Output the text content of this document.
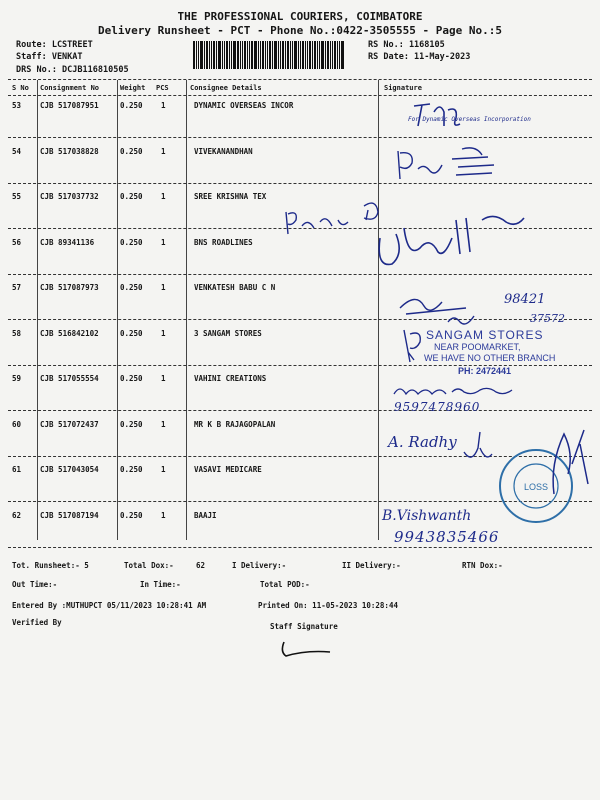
THE PROFESSIONAL COURIERS, COIMBATORE
Delivery Runsheet - PCT - Phone No.:0422-3505555 - Page No.:5
Route: LCSTREET
Staff: VENKAT
DRS No.: DCJB116810505
RS No.: 1168105
RS Date: 11-May-2023
S No Consignment No	Weight PCS	Consignee Details	Signature
53	CJB 517087951	0.250 1	DYNAMIC OVERSEAS INCOR
54	CJB 517038828	0.250 1	VIVEKANANDHAN
55	CJB 517037732	0.250 1	SREE KRISHNA TEX
56	CJB 89341136	0.250 1	BNS ROADLINES
57	CJB 517087973	0.250 1	VENKATESH BABU C N
58	CJB 516842102	0.250 1	3 SANGAM STORES
59	CJB 517055554	0.250 1	VAHINI CREATIONS
60	CJB 517072437	0.250 1	MR K B RAJAGOPALAN
61	CJB 517043054	0.250 1	VASAVI MEDICARE
62	CJB 517087194	0.250 1	BAAJI
For Dynamic Overseas Incorporation
98421
37572
SANGAM STORES
NEAR POOMARKET,
WE HAVE NO OTHER BRANCH
PH: 2472441
9597478960
A. Radhy
LOSS
B.Vishwanth
9943835466
Tot. Runsheet:- 5	Total Dox:-	62	I Delivery:-	II Delivery:-	RTN Dox:-
Out Time:-	In Time:-	Total POD:-
Entered By :MUTHUPCT 05/11/2023 10:28:41 AM	Printed On: 11-05-2023 10:28:44
Verified By	Staff Signature
